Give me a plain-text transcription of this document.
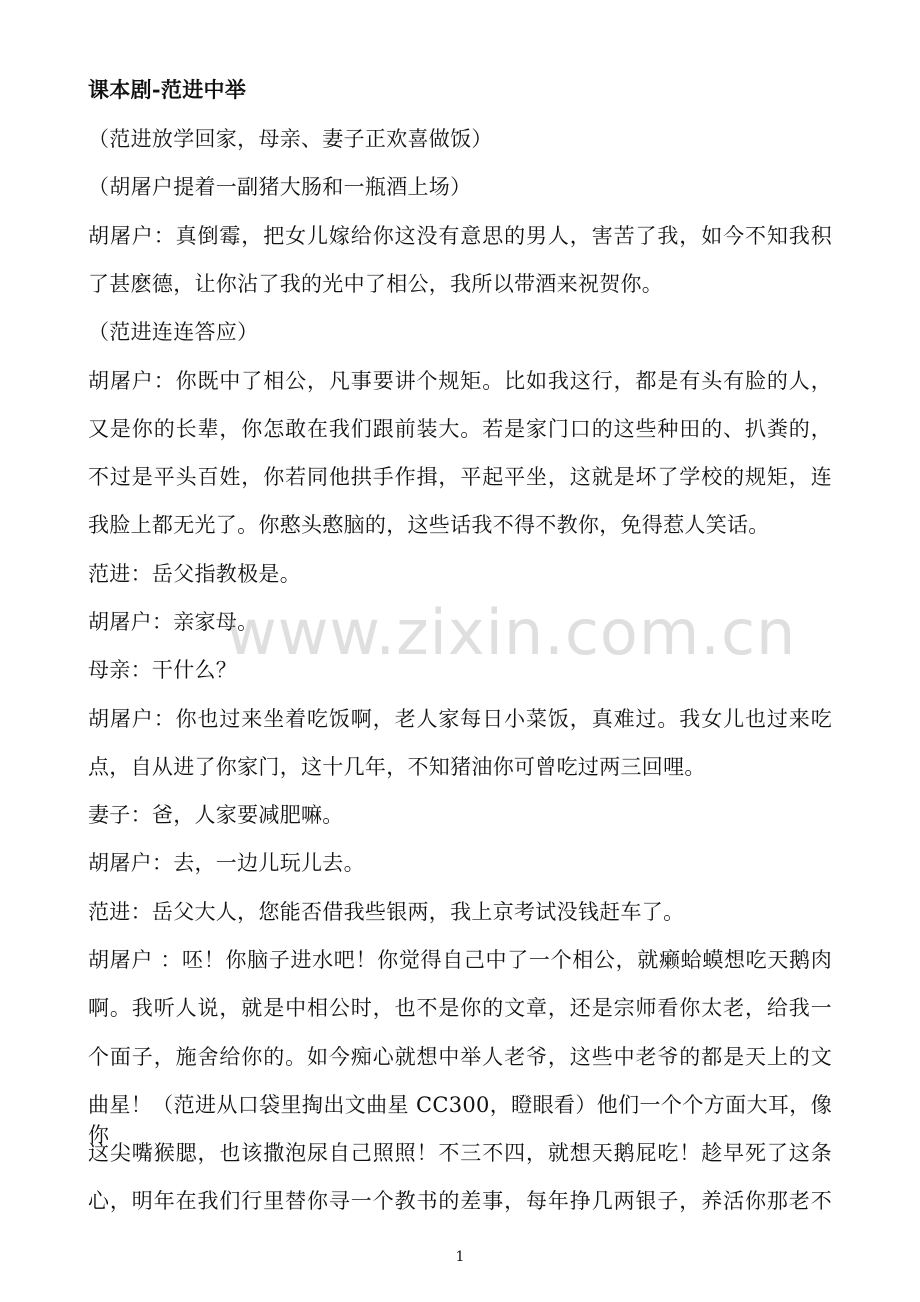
课本剧-范进中举
（范进放学回家，母亲、妻子正欢喜做饭）
（胡屠户提着一副猪大肠和一瓶酒上场）
胡屠户：真倒霉，把女儿嫁给你这没有意思的男人，害苦了我，如今不知我积
了甚麽德，让你沾了我的光中了相公，我所以带酒来祝贺你。
（范进连连答应）
胡屠户：你既中了相公，凡事要讲个规矩。比如我这行，都是有头有脸的人，
又是你的长辈，你怎敢在我们跟前装大。若是家门口的这些种田的、扒粪的，
不过是平头百姓，你若同他拱手作揖，平起平坐，这就是坏了学校的规矩，连
我脸上都无光了。你憨头憨脑的，这些话我不得不教你，免得惹人笑话。
范进：岳父指教极是。
胡屠户：亲家母。
母亲：干什么？
胡屠户：你也过来坐着吃饭啊，老人家每日小菜饭，真难过。我女儿也过来吃
点，自从进了你家门，这十几年，不知猪油你可曾吃过两三回哩。
妻子：爸，人家要减肥嘛。
胡屠户：去，一边儿玩儿去。
范进：岳父大人，您能否借我些银两，我上京考试没钱赶车了。
胡屠户 ：呸！你脑子进水吧！你觉得自己中了一个相公，就癞蛤蟆想吃天鹅肉
啊。我听人说，就是中相公时，也不是你的文章，还是宗师看你太老，给我一
个面子，施舍给你的。如今痴心就想中举人老爷，这些中老爷的都是天上的文
曲星！（范进从口袋里掏出文曲星 CC300，瞪眼看）他们一个个方面大耳，像你
这尖嘴猴腮，也该撒泡尿自己照照！不三不四，就想天鹅屁吃！趁早死了这条
心，明年在我们行里替你寻一个教书的差事，每年挣几两银子，养活你那老不
www.zixin.com.cn
1
